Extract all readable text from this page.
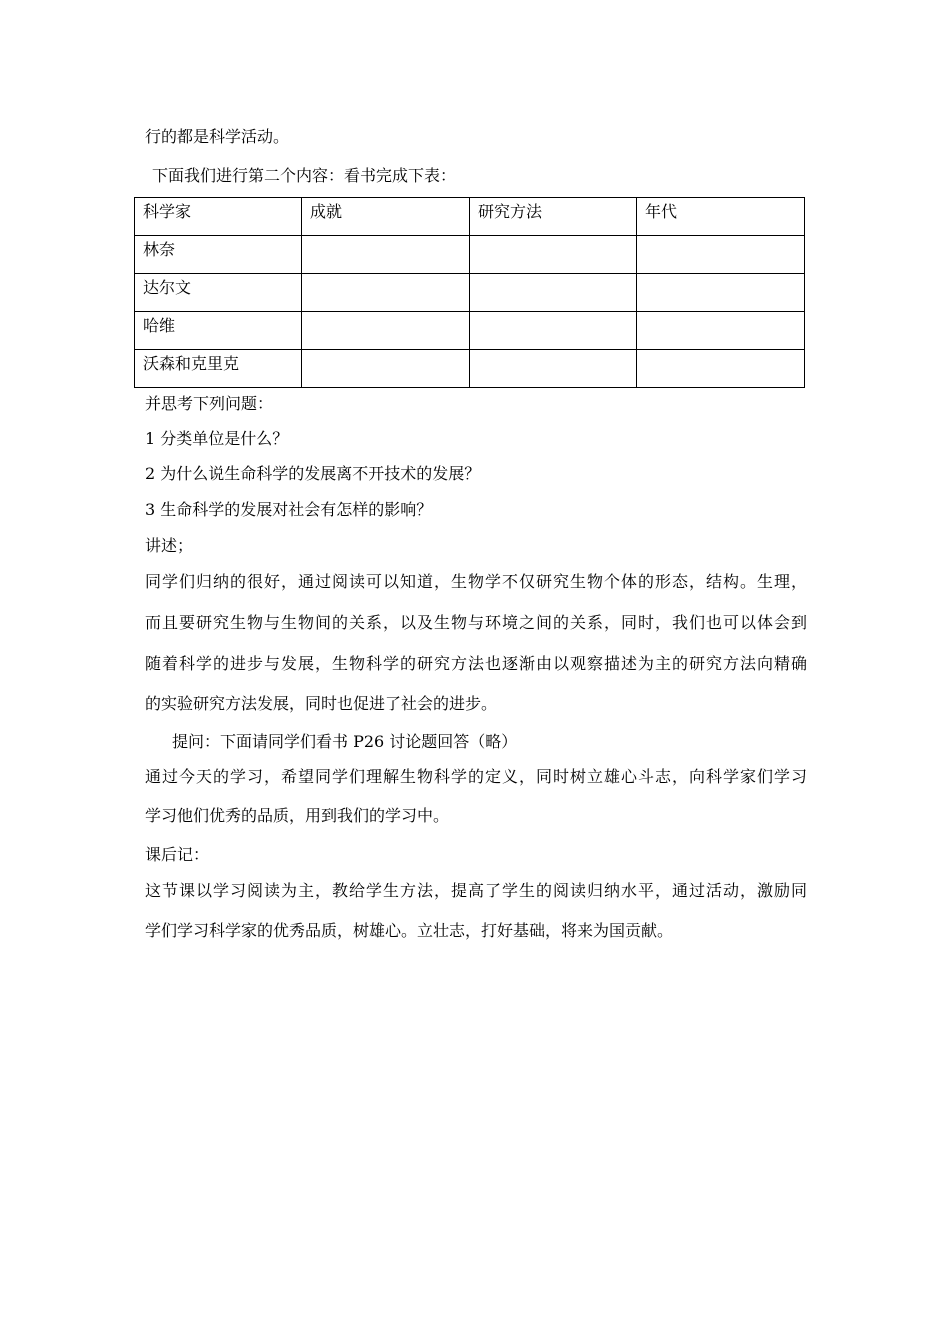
行的都是科学活动。
下面我们进行第二个内容：看书完成下表：
科学家	成就	研究方法	年代
林奈			
达尔文			
哈维			
沃森和克里克			
并思考下列问题：
1 分类单位是什么？
2 为什么说生命科学的发展离不开技术的发展？
3 生命科学的发展对社会有怎样的影响？
讲述；
同学们归纳的很好，通过阅读可以知道，生物学不仅研究生物个体的形态，结构。生理，
而且要研究生物与生物间的关系，以及生物与环境之间的关系，同时，我们也可以体会到
随着科学的进步与发展，生物科学的研究方法也逐渐由以观察描述为主的研究方法向精确
的实验研究方法发展，同时也促进了社会的进步。
提问：下面请同学们看书 P26 讨论题回答（略）
通过今天的学习，希望同学们理解生物科学的定义，同时树立雄心斗志，向科学家们学习
学习他们优秀的品质，用到我们的学习中。
课后记：
这节课以学习阅读为主，教给学生方法，提高了学生的阅读归纳水平，通过活动，激励同
学们学习科学家的优秀品质，树雄心。立壮志，打好基础，将来为国贡献。
